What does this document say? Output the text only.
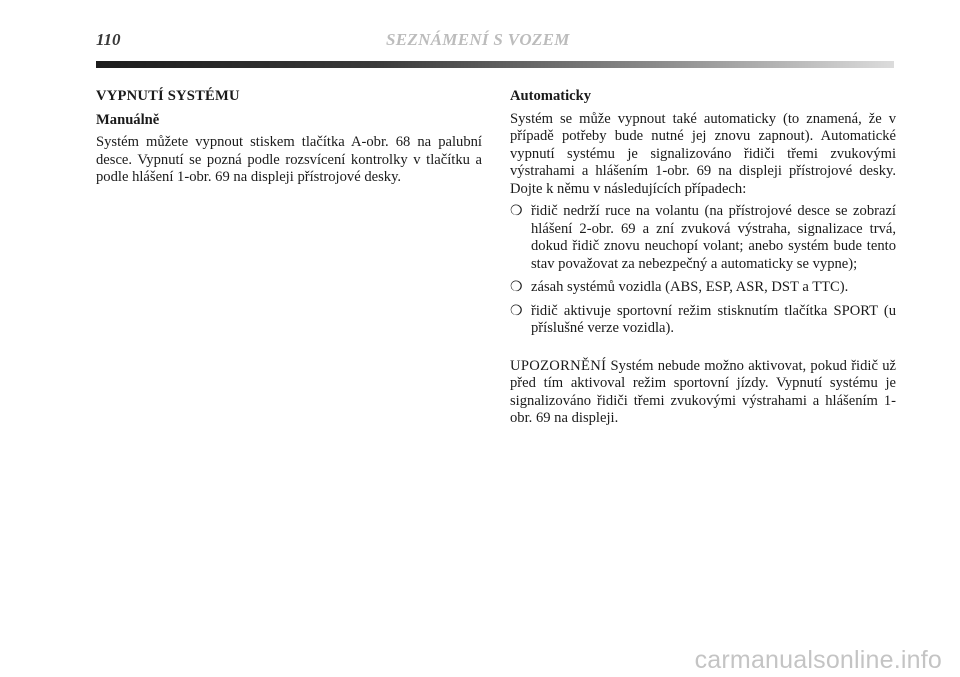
110	SEZNÁMENÍ S VOZEM
VYPNUTÍ SYSTÉMU
Manuálně

Systém můžete vypnout stiskem tlačítka A-obr. 68 na palubní desce. Vypnutí se pozná podle rozsvícení kontrolky v tlačítku a podle hlášení 1-obr. 69 na displeji přístrojové desky.

Automaticky

Systém se může vypnout také automaticky (to znamená, že v případě potřeby bude nutné jej znovu zapnout). Automatické vypnutí systému je signalizováno řidiči třemi zvukovými výstrahami a hlášením 1-obr. 69 na displeji přístrojové desky. Dojte k němu v následujících případech:

❍ řidič nedrží ruce na volantu (na přístrojové desce se zobrazí hlášení 2-obr. 69 a zní zvuková výstraha, signalizace trvá, dokud řidič znovu neuchopí volant; anebo systém bude tento stav považovat za nebezpečný a automaticky se vypne);
❍ zásah systémů vozidla (ABS, ESP, ASR, DST a TTC).
❍ řidič aktivuje sportovní režim stisknutím tlačítka SPORT (u příslušné verze vozidla).

UPOZORNĚNÍ Systém nebude možno aktivovat, pokud řidič už před tím aktivoval režim sportovní jízdy. Vypnutí systému je signalizováno řidiči třemi zvukovými výstrahami a hlášením 1-obr. 69 na displeji.

carmanualsonline.info
